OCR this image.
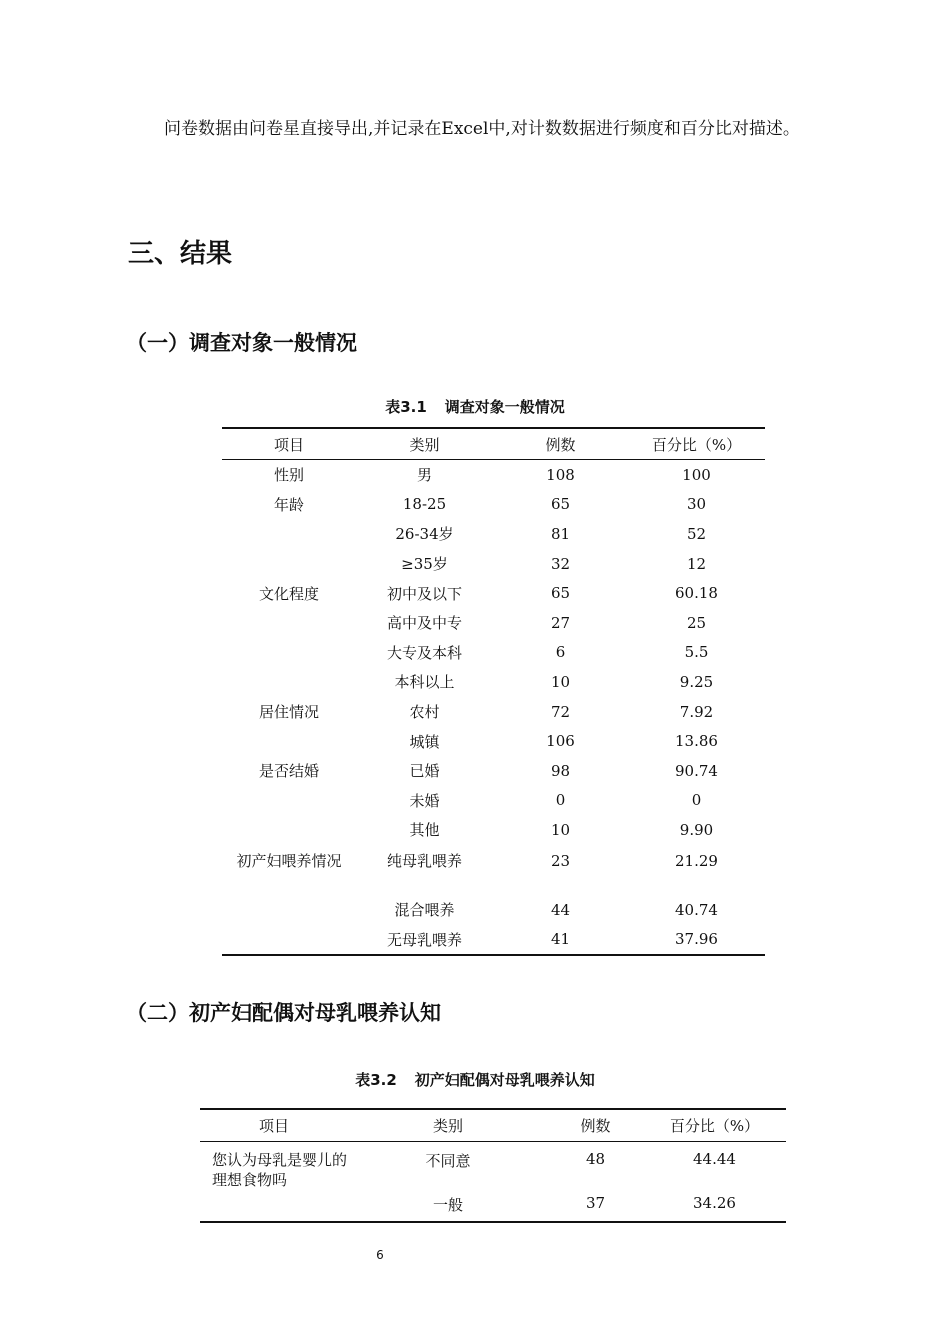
问卷数据由问卷星直接导出,并记录在Excel中,对计数数据进行频度和百分比对描述。

三、结果
（一）调查对象一般情况

表3.1 调查对象一般情况

项目	类别	例数	百分比（%）
性别	男	108	100
年龄	18-25	65	30
	26-34岁	81	52
	≥35岁	32	12
文化程度	初中及以下	65	60.18
	高中及中专	27	25
	大专及本科	6	5.5
	本科以上	10	9.25
居住情况	农村	72	7.92
	城镇	106	13.86
是否结婚	已婚	98	90.74
	未婚	0	0
	其他	10	9.90
初产妇喂养情况	纯母乳喂养	23	21.29
	混合喂养	44	40.74
	无母乳喂养	41	37.96
（二）初产妇配偶对母乳喂养认知

表3.2 初产妇配偶对母乳喂养认知

项目	类别	例数	百分比（%）
您认为母乳是婴儿的理想食物吗	不同意	48	44.44
	一般	37	34.26

6
